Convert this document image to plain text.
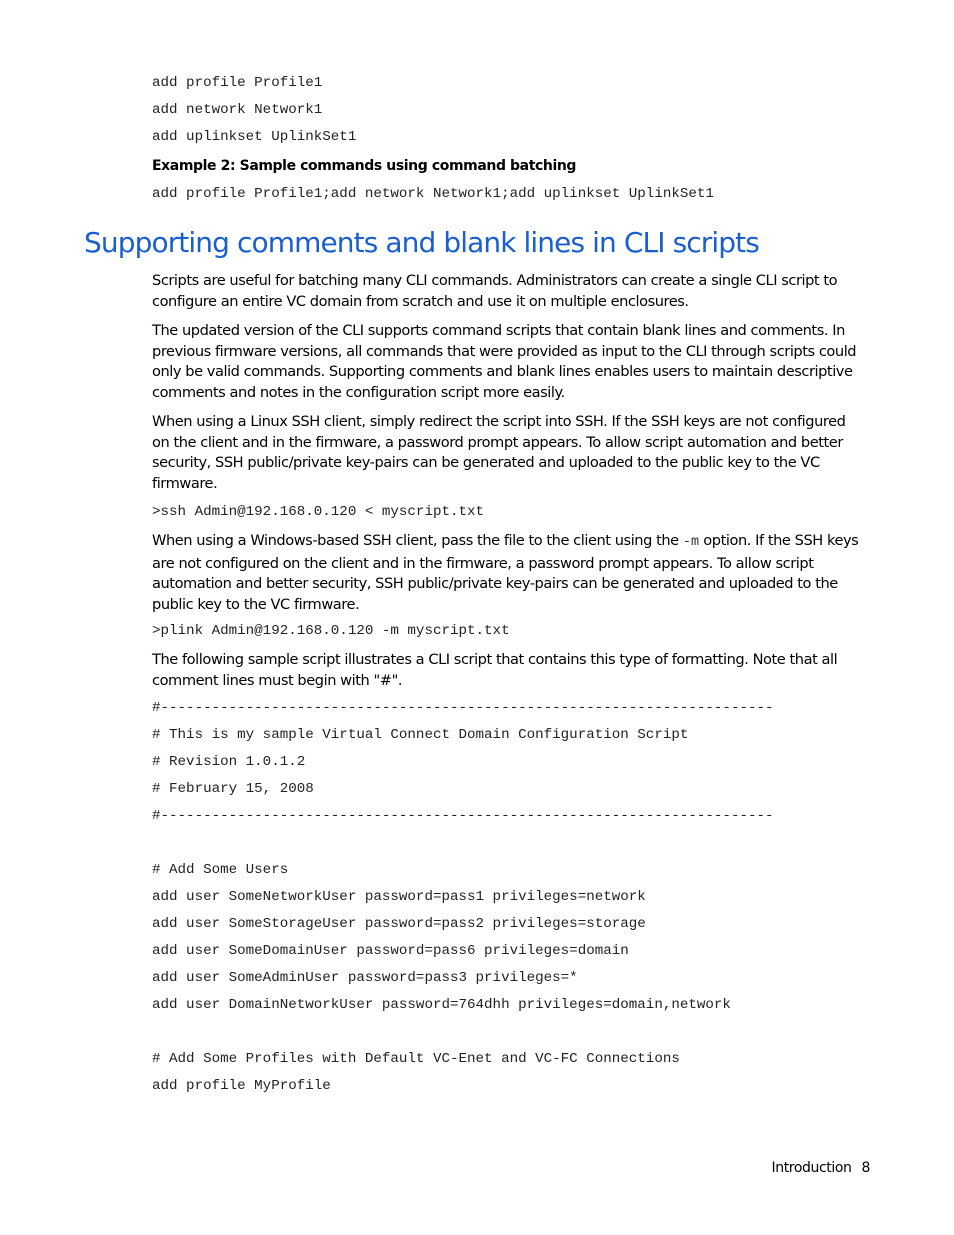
add profile Profile1
add network Network1
add uplinkset UplinkSet1
Example 2: Sample commands using command batching
add profile Profile1;add network Network1;add uplinkset UplinkSet1
Supporting comments and blank lines in CLI scripts

Scripts are useful for batching many CLI commands. Administrators can create a single CLI script to configure an entire VC domain from scratch and use it on multiple enclosures.

The updated version of the CLI supports command scripts that contain blank lines and comments. In previous firmware versions, all commands that were provided as input to the CLI through scripts could only be valid commands. Supporting comments and blank lines enables users to maintain descriptive comments and notes in the configuration script more easily.

When using a Linux SSH client, simply redirect the script into SSH. If the SSH keys are not configured on the client and in the firmware, a password prompt appears. To allow script automation and better security, SSH public/private key-pairs can be generated and uploaded to the public key to the VC firmware.

>ssh Admin@192.168.0.120 < myscript.txt

When using a Windows-based SSH client, pass the file to the client using the -m option. If the SSH keys are not configured on the client and in the firmware, a password prompt appears. To allow script automation and better security, SSH public/private key-pairs can be generated and uploaded to the public key to the VC firmware.

>plink Admin@192.168.0.120 -m myscript.txt

The following sample script illustrates a CLI script that contains this type of formatting. Note that all comment lines must begin with "#".

#------------------------------------------------------------------------
# This is my sample Virtual Connect Domain Configuration Script
# Revision 1.0.1.2
# February 15, 2008
#------------------------------------------------------------------------
# Add Some Users
add user SomeNetworkUser password=pass1 privileges=network
add user SomeStorageUser password=pass2 privileges=storage
add user SomeDomainUser password=pass6 privileges=domain
add user SomeAdminUser password=pass3 privileges=*
add user DomainNetworkUser password=764dhh privileges=domain,network
# Add Some Profiles with Default VC-Enet and VC-FC Connections
add profile MyProfile
Introduction 8
